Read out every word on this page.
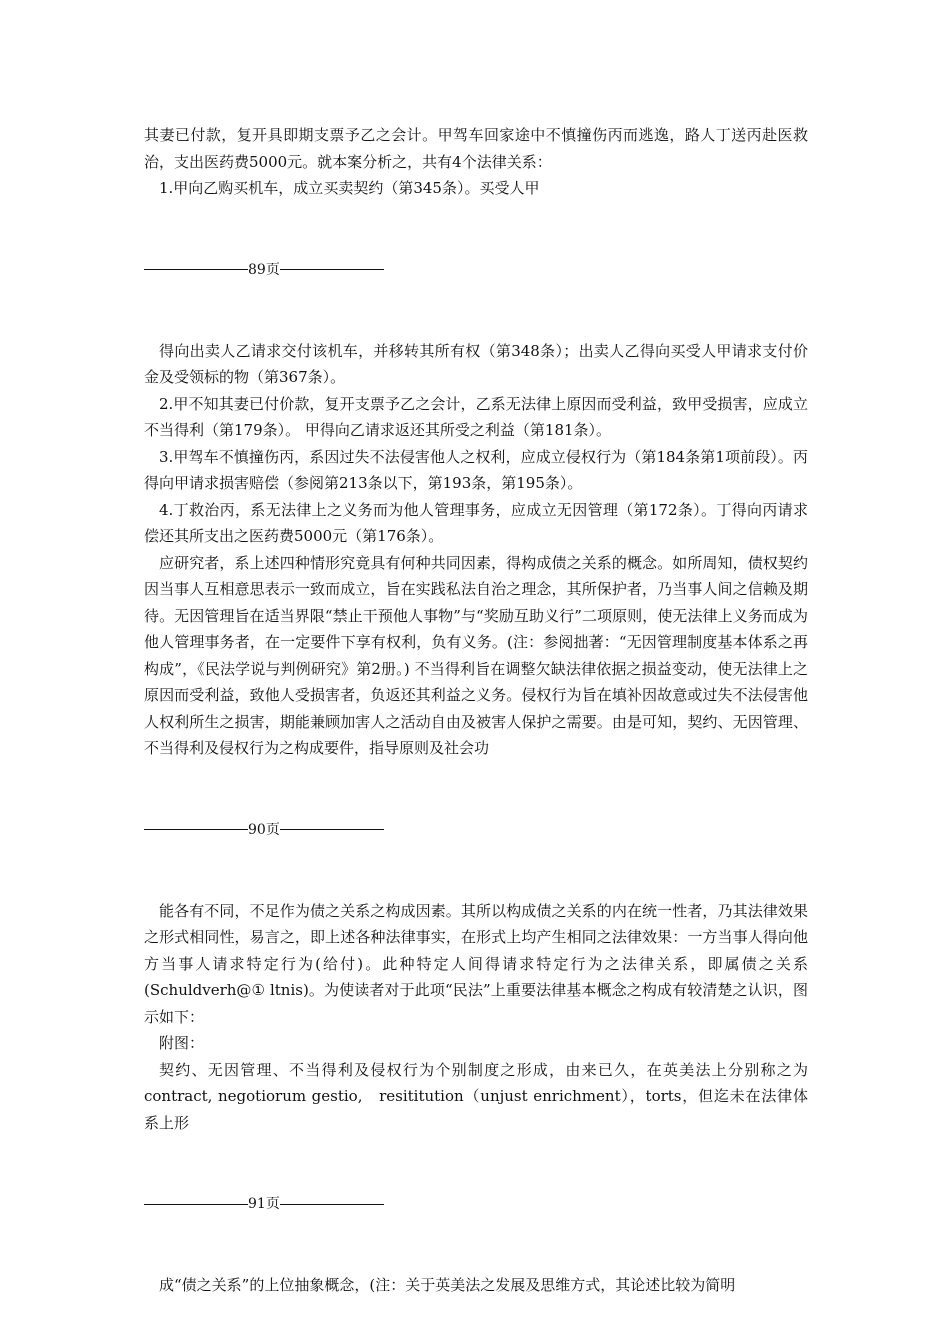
其妻已付款，复开具即期支票予乙之会计。甲驾车回家途中不慎撞伤丙而逃逸，路人丁送丙赴医救治，支出医药费5000元。就本案分析之，共有4个法律关系：

1.甲向乙购买机车，成立买卖契约（第345条）。买受人甲

89页

得向出卖人乙请求交付该机车，并移转其所有权（第348条）；出卖人乙得向买受人甲请求支付价金及受领标的物（第367条）。

2.甲不知其妻已付价款，复开支票予乙之会计，乙系无法律上原因而受利益，致甲受损害，应成立不当得利（第179条）。 甲得向乙请求返还其所受之利益（第181条）。

3.甲驾车不慎撞伤丙，系因过失不法侵害他人之权利，应成立侵权行为（第184条第1项前段）。丙得向甲请求损害赔偿（参阅第213条以下，第193条，第195条）。

4.丁救治丙，系无法律上之义务而为他人管理事务，应成立无因管理（第172条）。丁得向丙请求偿还其所支出之医药费5000元（第176条）。

应研究者，系上述四种情形究竟具有何种共同因素，得构成债之关系的概念。如所周知，债权契约因当事人互相意思表示一致而成立，旨在实践私法自治之理念，其所保护者，乃当事人间之信赖及期待。无因管理旨在适当界限“禁止干预他人事物”与“奖励互助义行”二项原则，使无法律上义务而成为他人管理事务者，在一定要件下享有权利，负有义务。(注：参阅拙著：“无因管理制度基本体系之再构成”，《民法学说与判例研究》第2册。) 不当得利旨在调整欠缺法律依据之损益变动，使无法律上之原因而受利益，致他人受损害者，负返还其利益之义务。侵权行为旨在填补因故意或过失不法侵害他人权利所生之损害，期能兼顾加害人之活动自由及被害人保护之需要。由是可知，契约、无因管理、不当得利及侵权行为之构成要件，指导原则及社会功

90页

能各有不同，不足作为债之关系之构成因素。其所以构成债之关系的内在统一性者，乃其法律效果之形式相同性，易言之，即上述各种法律事实，在形式上均产生相同之法律效果：一方当事人得向他方当事人请求特定行为(给付)。此种特定人间得请求特定行为之法律关系，即属债之关系(Schuldverh@① ltnis)。为使读者对于此项“民法”上重要法律基本概念之构成有较清楚之认识，图示如下：

附图：

契约、无因管理、不当得利及侵权行为个别制度之形成，由来已久，在英美法上分别称之为contract, negotiorum gestio,　resititution（unjust enrichment），torts，但迄未在法律体系上形

91页

成“债之关系”的上位抽象概念，(注：关于英美法之发展及思维方式，其论述比较为简明
